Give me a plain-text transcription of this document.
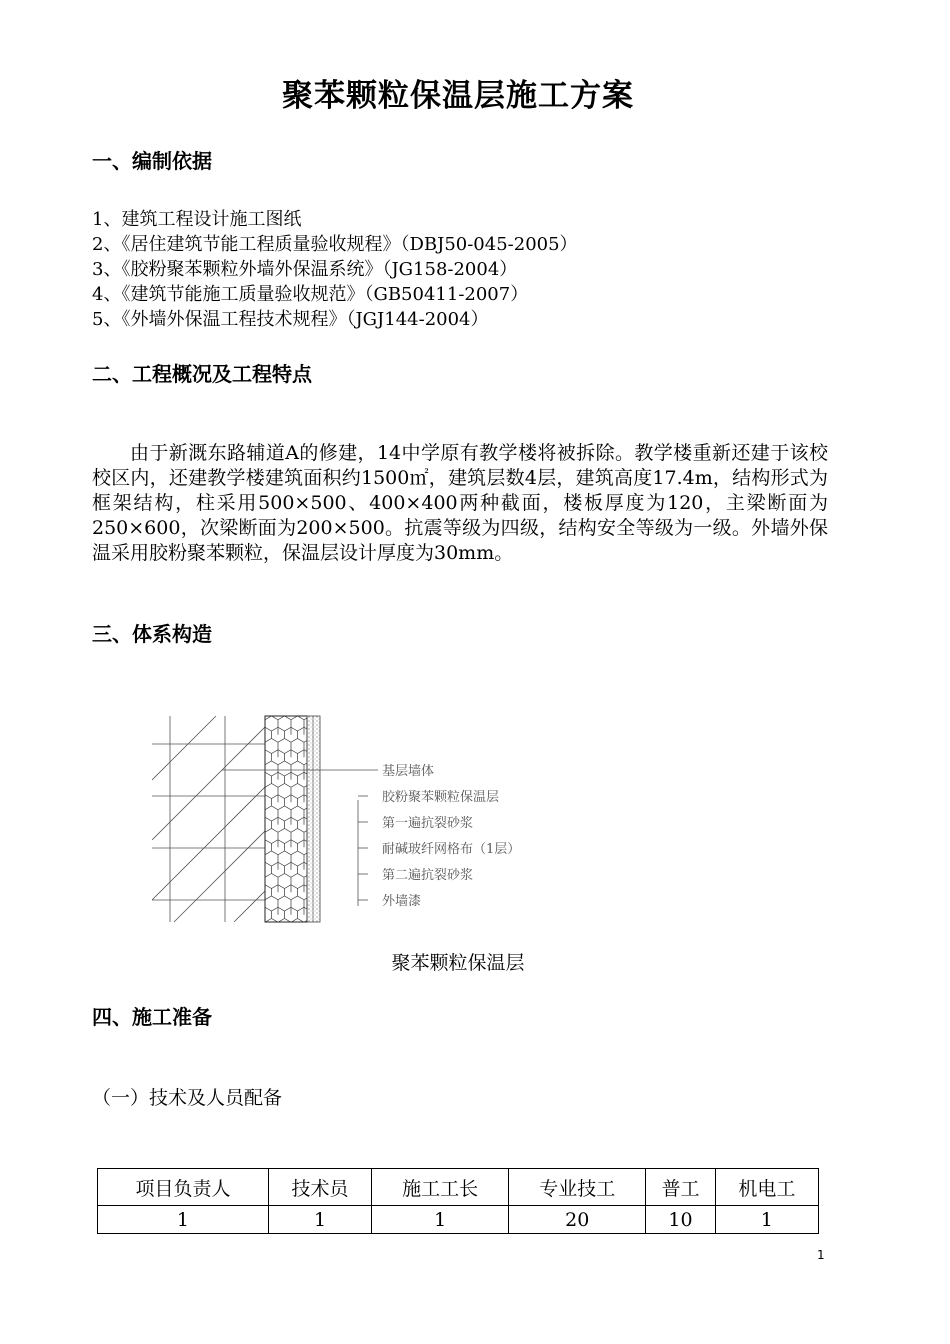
聚苯颗粒保温层施工方案
一、编制依据
1、建筑工程设计施工图纸
2、《居住建筑节能工程质量验收规程》（DBJ50-045-2005）
3、《胶粉聚苯颗粒外墙外保温系统》（JG158-2004）
4、《建筑节能施工质量验收规范》（GB50411-2007）
5、《外墙外保温工程技术规程》（JGJ144-2004）
二、工程概况及工程特点
由于新溉东路辅道A的修建，14中学原有教学楼将被拆除。教学楼重新还建于该校校区内，还建教学楼建筑面积约1500㎡，建筑层数4层，建筑高度17.4m，结构形式为框架结构，柱采用500×500、400×400两种截面，楼板厚度为120，主梁断面为250×600，次梁断面为200×500。抗震等级为四级，结构安全等级为一级。外墙外保温采用胶粉聚苯颗粒，保温层设计厚度为30mm。
三、体系构造
基层墙体
胶粉聚苯颗粒保温层
第一遍抗裂砂浆
耐碱玻纤网格布（1层）
第二遍抗裂砂浆
外墙漆
聚苯颗粒保温层
四、施工准备
（一）技术及人员配备
项目负责人	技术员	施工工长	专业技工	普工	机电工
1	1	1	20	10	1
1
